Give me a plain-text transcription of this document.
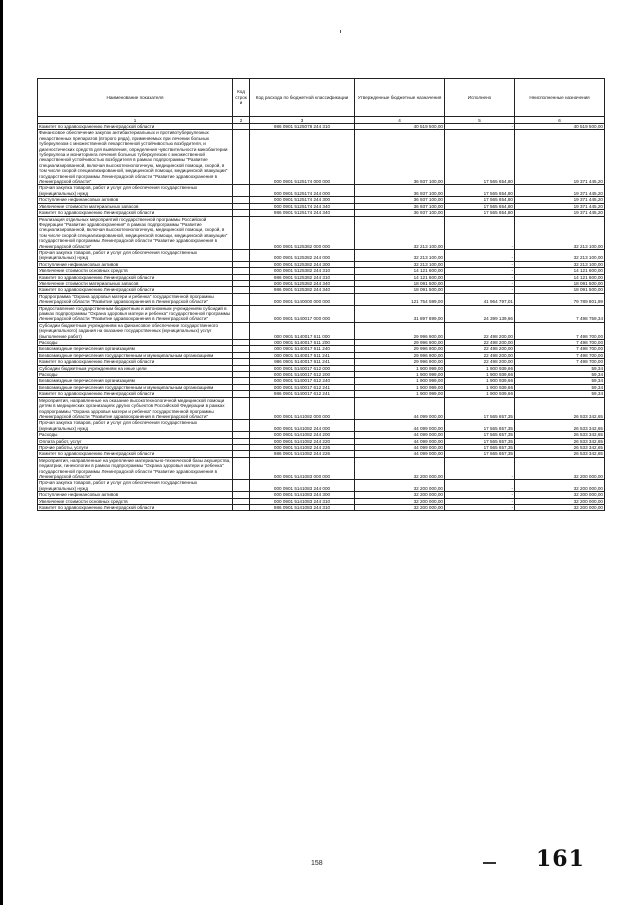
Наименование показателя	Код строки	Код расхода по бюджетной классификации	Утвержденные бюджетные назначения	Исполнено	Неисполненные назначения
1	2	3	4	5	6
Комитет по здравоохранению Ленинградской области		986 0901 5125078 244 310	40 519 500,00	-	40 519 500,00
Финансовое обеспечение закупок антибактериальных и противотуберкулезных лекарственных препаратов (второго ряда), применяемых при лечении больных туберкулезом с множественной лекарственной устойчивостью возбудителя, и диагностических средств для выявления, определения чувствительности микобактерии туберкулеза и мониторинга лечения больных туберкулезом с множественной лекарственной устойчивостью возбудителя в рамках подпрограммы "Развитие специализированной, включая высокотехнологичную, медицинской помощи, скорой, в том числе скорой специализированной, медицинской помощи, медицинской эвакуации" государственной программы Ленинградской области "Развитие здравоохранения в Ленинградской области"		000 0901 5125174 000 000	36 937 100,00	17 565 654,80	19 371 445,20
Прочая закупка товаров, работ и услуг для обеспечения государственных (муниципальных) нужд		000 0901 5125174 244 000	36 937 100,00	17 565 654,80	19 371 445,20
Поступление нефинансовых активов		000 0901 5125174 244 300	36 937 100,00	17 565 654,80	19 371 445,20
Увеличение стоимости материальных запасов		000 0901 5125174 244 340	36 937 100,00	17 565 654,80	19 371 445,20
Комитет по здравоохранению Ленинградской области		986 0901 5125174 244 340	36 937 100,00	17 565 654,80	19 371 445,20
Реализация отдельных мероприятий государственной программы Российской Федерации "Развитие здравоохранения" в рамках подпрограммы "Развитие специализированной, включая высокотехнологичную, медицинской помощи, скорой, в том числе скорой специализированной, медицинской помощи, медицинской эвакуации" государственной программы Ленинградской области "Развитие здравоохранения в Ленинградской области"		000 0901 5125382 000 000	32 213 100,00	-	32 213 100,00
Прочая закупка товаров, работ и услуг для обеспечения государственных (муниципальных) нужд		000 0901 5125382 244 000	32 213 100,00	-	32 213 100,00
Поступление нефинансовых активов		000 0901 5125382 244 300	32 213 100,00	-	32 213 100,00
Увеличение стоимости основных средств		000 0901 5125382 244 310	14 121 600,00	-	14 121 600,00
Комитет по здравоохранению Ленинградской области		986 0901 5125382 244 310	14 121 600,00	-	14 121 600,00
Увеличение стоимости материальных запасов		000 0901 5125382 244 340	18 091 500,00	-	18 091 500,00
Комитет по здравоохранению Ленинградской области		986 0901 5125382 244 340	18 091 500,00	-	18 091 500,00
Подпрограмма "Охрана здоровья матери и ребенка" государственной программы Ленинградской области "Развитие здравоохранения в Ленинградской области"		000 0901 5140000 000 000	121 754 599,00	41 964 797,01	79 789 801,99
Предоставление государственным бюджетным и автономным учреждениям субсидий в рамках подпрограммы "Охрана здоровья матери и ребенка" государственной программы Ленинградской области "Развитие здравоохранения в Ленинградской области"		000 0901 5140017 000 000	31 897 899,00	24 399 139,66	7 498 759,34
Субсидии бюджетным учреждениям на финансовое обеспечение государственного (муниципального) задания на оказание государственных (муниципальных) услуг (выполнение работ)		000 0901 5140017 611 000	29 996 900,00	22 498 200,00	7 498 700,00
Расходы		000 0901 5140017 611 200	29 996 900,00	22 498 200,00	7 498 700,00
Безвозмездные перечисления организациям		000 0901 5140017 611 240	29 996 900,00	22 498 200,00	7 498 700,00
Безвозмездные перечисления государственным и муниципальным организациям		000 0901 5140017 611 241	29 996 900,00	22 498 200,00	7 498 700,00
Комитет по здравоохранению Ленинградской области		986 0901 5140017 611 241	29 996 900,00	22 498 200,00	7 498 700,00
Субсидии бюджетным учреждениям на иные цели		000 0901 5140017 612 000	1 900 999,00	1 900 939,66	59,34
Расходы		000 0901 5140017 612 200	1 900 999,00	1 900 939,66	59,34
Безвозмездные перечисления организациям		000 0901 5140017 612 240	1 900 999,00	1 900 939,66	59,34
Безвозмездные перечисления государственным и муниципальным организациям		000 0901 5140017 612 241	1 900 999,00	1 900 939,66	59,34
Комитет по здравоохранению Ленинградской области		986 0901 5140017 612 241	1 900 999,00	1 900 939,66	59,34
Мероприятия, направленные на оказание высокотехнологичной медицинской помощи детям в медицинских организациях других субъектов Российской Федерации в рамках подпрограммы "Охрана здоровья матери и ребенка" государственной программы Ленинградской области "Развитие здравоохранения в Ленинградской области"		000 0901 5141082 000 000	44 099 000,00	17 565 657,35	26 533 342,65
Прочая закупка товаров, работ и услуг для обеспечения государственных (муниципальных) нужд		000 0901 5141082 244 000	44 099 000,00	17 565 657,35	26 533 342,65
Расходы		000 0901 5141082 244 200	44 099 000,00	17 565 657,35	26 533 342,65
Оплата работ, услуг		000 0901 5141082 244 220	44 099 000,00	17 565 657,35	26 533 342,65
Прочие работы, услуги		000 0901 5141082 244 226	44 099 000,00	17 565 657,35	26 533 342,65
Комитет по здравоохранению Ленинградской области		986 0901 5141082 244 226	44 099 000,00	17 565 657,35	26 533 342,65
Мероприятия, направленные на укрепление материально-технической базы акушерства, педиатрии, гинекологии в рамках подпрограммы "Охрана здоровья матери и ребенка" государственной программы Ленинградской области "Развитие здравоохранения в Ленинградской области"		000 0901 5141083 000 000	32 200 000,00	-	32 200 000,00
Прочая закупка товаров, работ и услуг для обеспечения государственных (муниципальных) нужд		000 0901 5141083 244 000	32 200 000,00	-	32 200 000,00
Поступление нефинансовых активов		000 0901 5141083 244 300	32 200 000,00	-	32 200 000,00
Увеличение стоимости основных средств		000 0901 5141083 244 310	32 200 000,00	-	32 200 000,00
Комитет по здравоохранению Ленинградской области		986 0901 5141083 244 310	32 200 000,00	-	32 200 000,00
158	161
